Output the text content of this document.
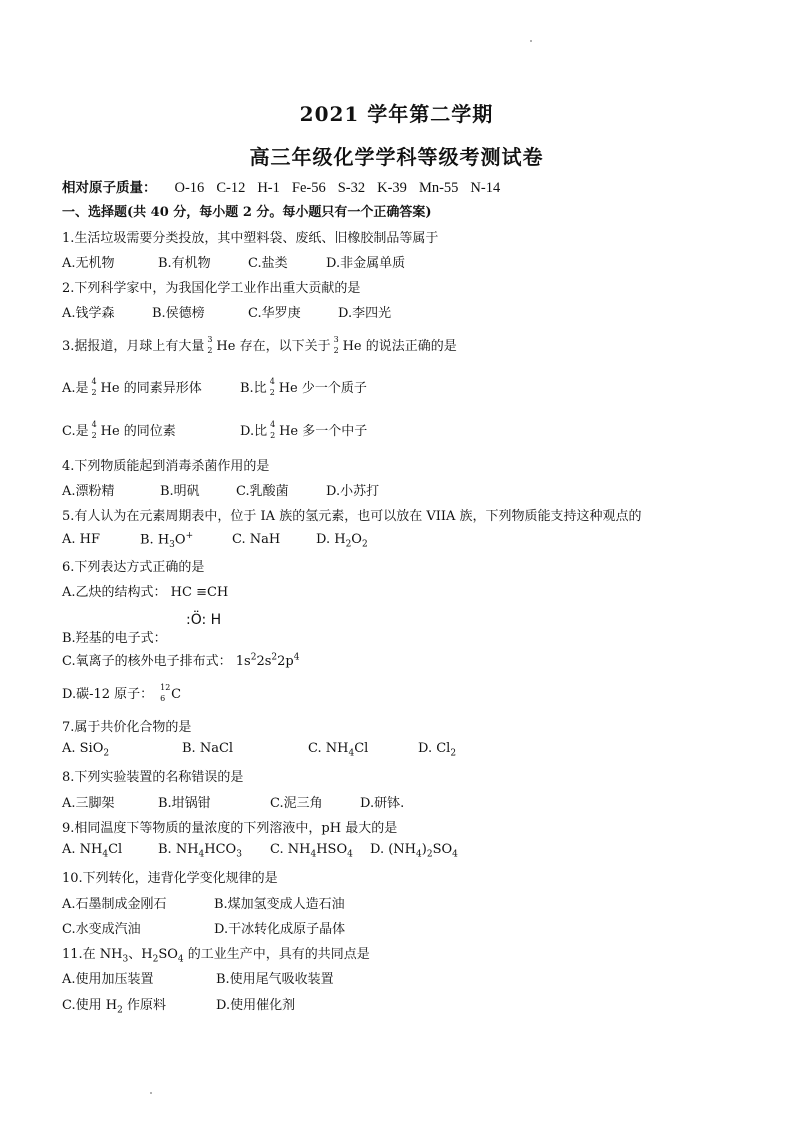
2021 学年第二学期
高三年级化学学科等级考测试卷
相对原子质量： O-16 C-12 H-1 Fe-56 S-32 K-39 Mn-55 N-14
一、选择题(共 40 分，每小题 2 分。每小题只有一个正确答案)
1.生活垃圾需要分类投放，其中塑料袋、废纸、旧橡胶制品等属于
A.无机物	B.有机物	C.盐类	D.非金属单质
2.下列科学家中，为我国化学工业作出重大贡献的是
A.钱学森	B.侯德榜	C.华罗庚	D.李四光
3.据报道，月球上有大量 3
2 He 存在，以下关于 3
2 He 的说法正确的是
A.是 4
2 He 的同素异形体	B.比 4
2 He 少一个质子
C.是 4
2 He 的同位素	D.比 4
2 He 多一个中子
4.下列物质能起到消毒杀菌作用的是
A.漂粉精	B.明矾	C.乳酸菌	D.小苏打
5.有人认为在元素周期表中，位于 IA 族的氢元素，也可以放在 VIIA 族，下列物质能支持这种观点的
A. HF	B. $H_3O^+$	C. NaH	D. $H_2O_2$
6.下列表达方式正确的是
A.乙炔的结构式： HC ≡CH
B.羟基的电子式：
:Ö: H
C.氧离子的核外电子排布式： $1s^22s^22p^4$
D.碳-12 原子： 12
6 C
7.属于共价化合物的是
A. SiO$_2$	B. NaCl	C. $NH_4Cl$	D. $Cl_2$
8.下列实验装置的名称错误的是
A.三脚架	B.坩锅钳	C.泥三角	D.研钵.
9.相同温度下等物质的量浓度的下列溶液中，pH 最大的是
A. $NH_4Cl$	B. $NH_4HCO_3$ C. $NH_4HSO_4$ D. $(NH_4)_2SO_4$
10.下列转化，违背化学变化规律的是
A.石墨制成金刚石	B.煤加氢变成人造石油
C.水变成汽油	D.干冰转化成原子晶体
11.在 $NH_3$、$H_2SO_4$ 的工业生产中，具有的共同点是
A.使用加压装置	B.使用尾气吸收装置
C.使用 $H_2$ 作原料	D.使用催化剂
